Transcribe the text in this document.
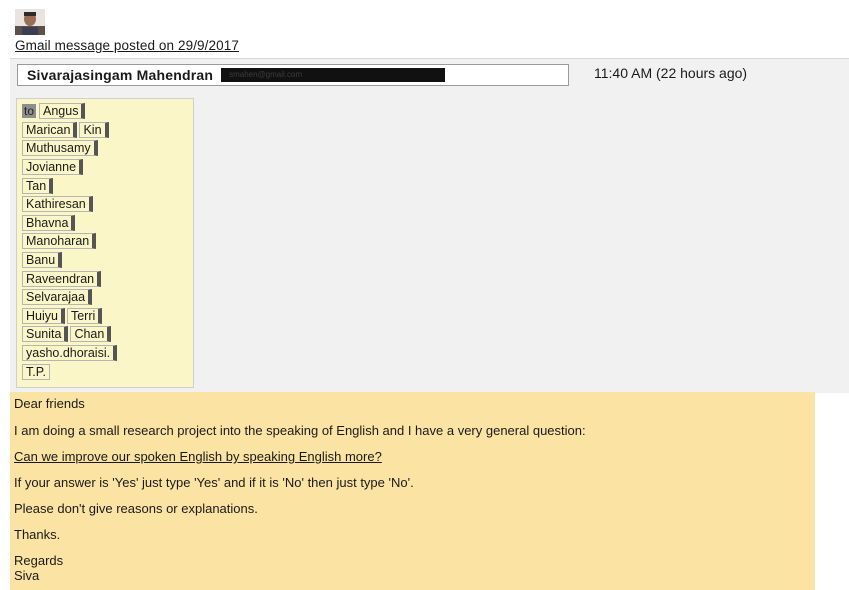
Gmail message posted on 29/9/2017
Sivarajasingam Mahendran	smahen@gmail.com	11:40 AM (22 hours ago)
to Angus
Marican	Kin
Muthusamy
Jovianne
Tan
Kathiresan
Bhavna
Manoharan
Banu
Raveendran
Selvarajaa
Huiyu	Terri
Sunita	Chan
yasho.dhoraisi.
T.P.

Dear friends

I am doing a small research project into the speaking of English and I have a very general question:

Can we improve our spoken English by speaking English more?

If your answer is 'Yes' just type 'Yes' and if it is 'No' then just type 'No'.

Please don't give reasons or explanations.

Thanks.

Regards

Siva
